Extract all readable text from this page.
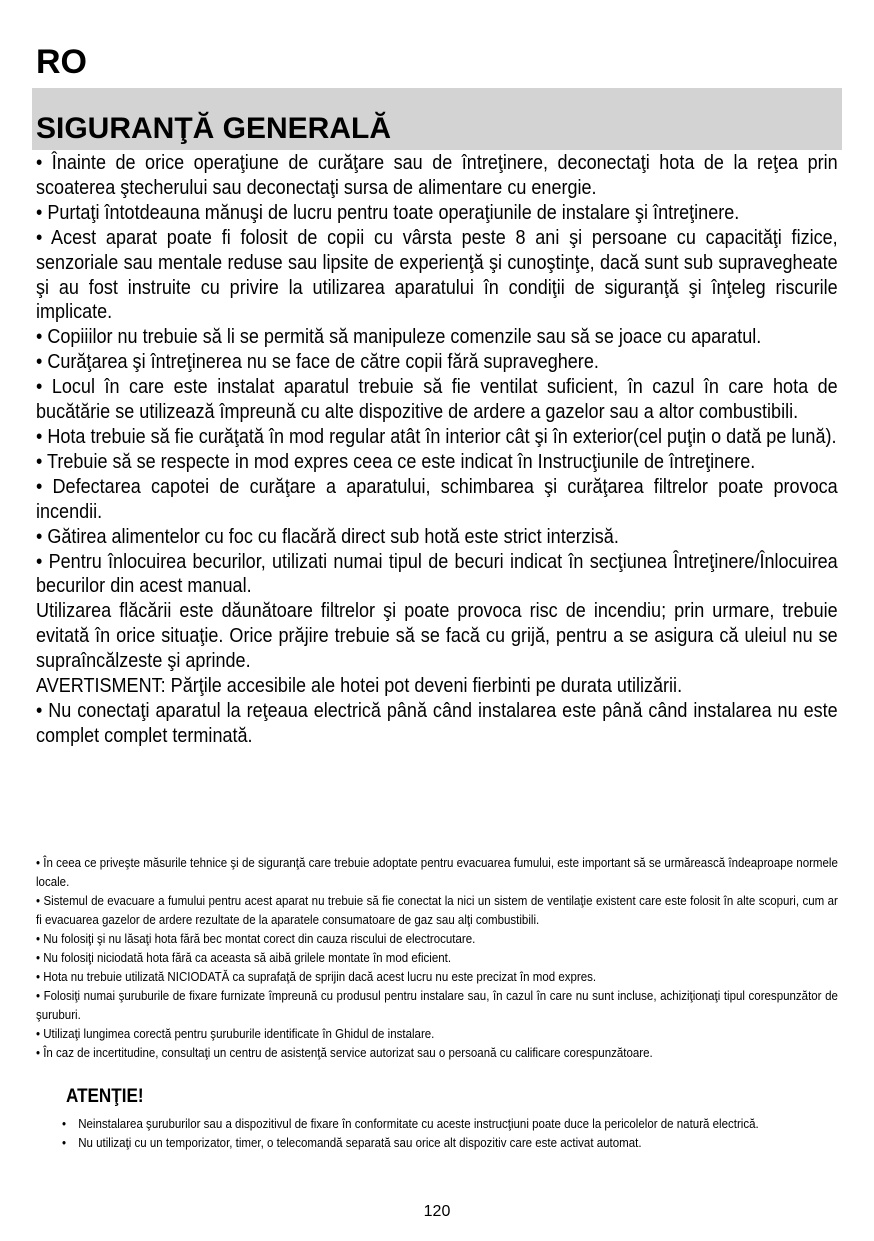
RO
SIGURANŢĂ GENERALĂ

• Înainte de orice operaţiune de curăţare sau de întreţinere, deconectaţi hota de la reţea prin scoaterea ştecherului sau deconectaţi sursa de alimentare cu energie.

• Purtaţi întotdeauna mănuşi de lucru pentru toate operaţiunile de instalare şi întreţinere.

• Acest aparat poate fi folosit de copii cu vârsta peste 8 ani şi persoane cu capacităţi fizice, senzoriale sau mentale reduse sau lipsite de experienţă şi cunoştinţe, dacă sunt sub supravegheate şi au fost instruite cu privire la utilizarea aparatului în condiţii de siguranţă şi înţeleg riscurile implicate.

• Copiiilor nu trebuie să li se permită să manipuleze comenzile sau să se joace cu aparatul.

• Curăţarea şi întreţinerea nu se face de către copii fără supraveghere.

• Locul în care este instalat aparatul trebuie să fie ventilat suficient, în cazul în care hota de bucătărie se utilizează împreună cu alte dispozitive de ardere a gazelor sau a altor combustibili.

• Hota trebuie să fie curăţată în mod regular atât în interior cât şi în exterior(cel puţin o dată pe lună).

• Trebuie să se respecte in mod expres ceea ce este indicat în Instrucţiunile de întreţinere.

• Defectarea capotei de curăţare a aparatului, schimbarea şi curăţarea filtrelor poate provoca incendii.

• Gătirea alimentelor cu foc cu flacără direct sub hotă este strict interzisă.

• Pentru înlocuirea becurilor, utilizati numai tipul de becuri indicat în secţiunea Întreţinere/Înlocuirea becurilor din acest manual.

Utilizarea flăcării este dăunătoare filtrelor şi poate provoca risc de incendiu; prin urmare, trebuie evitată în orice situaţie. Orice prăjire trebuie să se facă cu grijă, pentru a se asigura că uleiul nu se supraîncălzeste şi aprinde.

AVERTISMENT: Părţile accesibile ale hotei pot deveni fierbinti pe durata utilizării.

• Nu conectaţi aparatul la reţeaua electrică până când instalarea este până când instalarea nu este complet complet terminată.

• În ceea ce priveşte măsurile tehnice şi de siguranţă care trebuie adoptate pentru evacuarea fumului, este important să se urmărească îndeaproape normele locale.

• Sistemul de evacuare a fumului pentru acest aparat nu trebuie să fie conectat la nici un sistem de ventilaţie existent care este folosit în alte scopuri, cum ar fi evacuarea gazelor de ardere rezultate de la aparatele consumatoare de gaz sau alţi combustibili.

• Nu folosiţi şi nu lăsaţi hota fără bec montat corect din cauza riscului de electrocutare.

• Nu folosiţi niciodată hota fără ca aceasta să aibă grilele montate în mod eficient.

• Hota nu trebuie utilizată NICIODATĂ ca suprafaţă de sprijin dacă acest lucru nu este precizat în mod expres.

• Folosiţi numai şuruburile de fixare furnizate împreună cu produsul pentru instalare sau, în cazul în care nu sunt incluse, achiziţionaţi tipul corespunzător de şuruburi.

• Utilizaţi lungimea corectă pentru şuruburile identificate în Ghidul de instalare.

• În caz de incertitudine, consultaţi un centru de asistenţă service autorizat sau o persoană cu calificare corespunzătoare.

ATENŢIE!
• Neinstalarea şuruburilor sau a dispozitivul de fixare în conformitate cu aceste instrucţiuni poate duce la pericolelor de natură electrică.
• Nu utilizaţi cu un temporizator, timer, o telecomandă separată sau orice alt dispozitiv care este activat automat.
120
